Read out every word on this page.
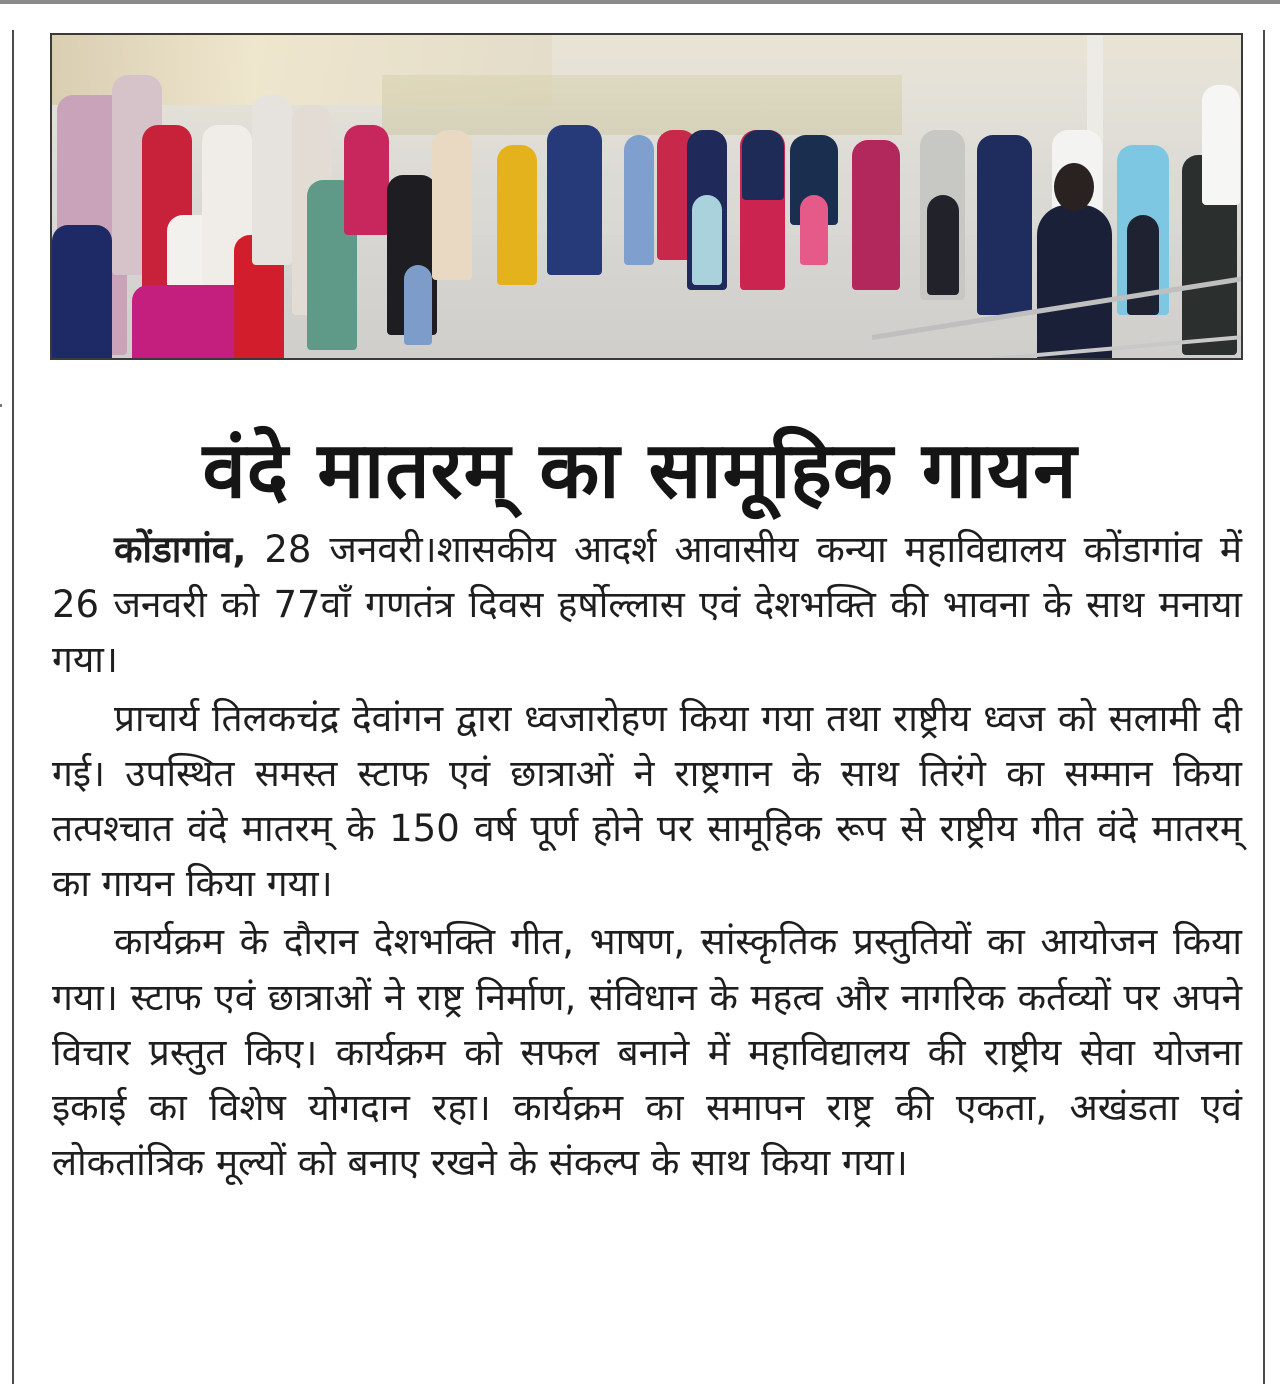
वंदे मातरम् का सामूहिक गायन

कोंडागांव, 28 जनवरी।शासकीय आदर्श आवासीय कन्या महाविद्यालय कोंडागांव में 26 जनवरी को 77वाँ गणतंत्र दिवस हर्षोल्लास एवं देशभक्ति की भावना के साथ मनाया गया।

प्राचार्य तिलकचंद्र देवांगन द्वारा ध्वजारोहण किया गया तथा राष्ट्रीय ध्वज को सलामी दी गई। उपस्थित समस्त स्टाफ एवं छात्राओं ने राष्ट्रगान के साथ तिरंगे का सम्मान किया तत्पश्चात वंदे मातरम् के 150 वर्ष पूर्ण होने पर सामूहिक रूप से राष्ट्रीय गीत वंदे मातरम् का गायन किया गया।

कार्यक्रम के दौरान देशभक्ति गीत, भाषण, सांस्कृतिक प्रस्तुतियों का आयोजन किया गया। स्टाफ एवं छात्राओं ने राष्ट्र निर्माण, संविधान के महत्व और नागरिक कर्तव्यों पर अपने विचार प्रस्तुत किए। कार्यक्रम को सफल बनाने में महाविद्यालय की राष्ट्रीय सेवा योजना इकाई का विशेष योगदान रहा। कार्यक्रम का समापन राष्ट्र की एकता, अखंडता एवं लोकतांत्रिक मूल्यों को बनाए रखने के संकल्प के साथ किया गया।
